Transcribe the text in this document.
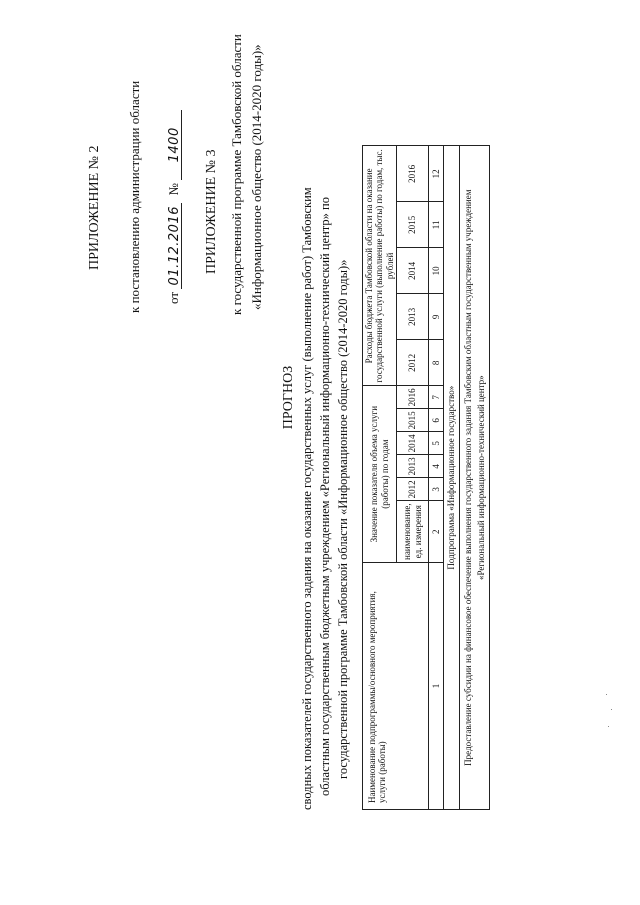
ПРИЛОЖЕНИЕ № 2 к постановлению администрации области от 01.12.2016 № 1400
ПРИЛОЖЕНИЕ № 3 к государственной программе Тамбовской области «Информационное общество (2014-2020 годы)»
ПРОГНОЗ сводных показателей государственного задания на оказание государственных услуг (выполнение работ) Тамбовским областным государственным бюджетным учреждением «Региональный информационно-технический центр» по государственной программе Тамбовской области «Информационное общество (2014-2020 годы)» Наименование подпрограммы/основного мероприятия, услуги (работы)	Значение показателя объема услуги (работы) по годам						Расходы бюджета Тамбовской области на оказание государственной услуги (выполнение работы) по годам, тыс. рублей				
	наименование, ед. измерения	2012	2013	2014	2015	2016	2012	2013	2014	2015	2016
1	2	3	4	5	6	7	8	9	10	11	12
Подпрограмма «Информационное государство»											

Предоставление субсидии на финансовое обеспечение выполнения государственного задания Тамбовским областным государственным учреждением «Региональный информационно-технический центр»											
